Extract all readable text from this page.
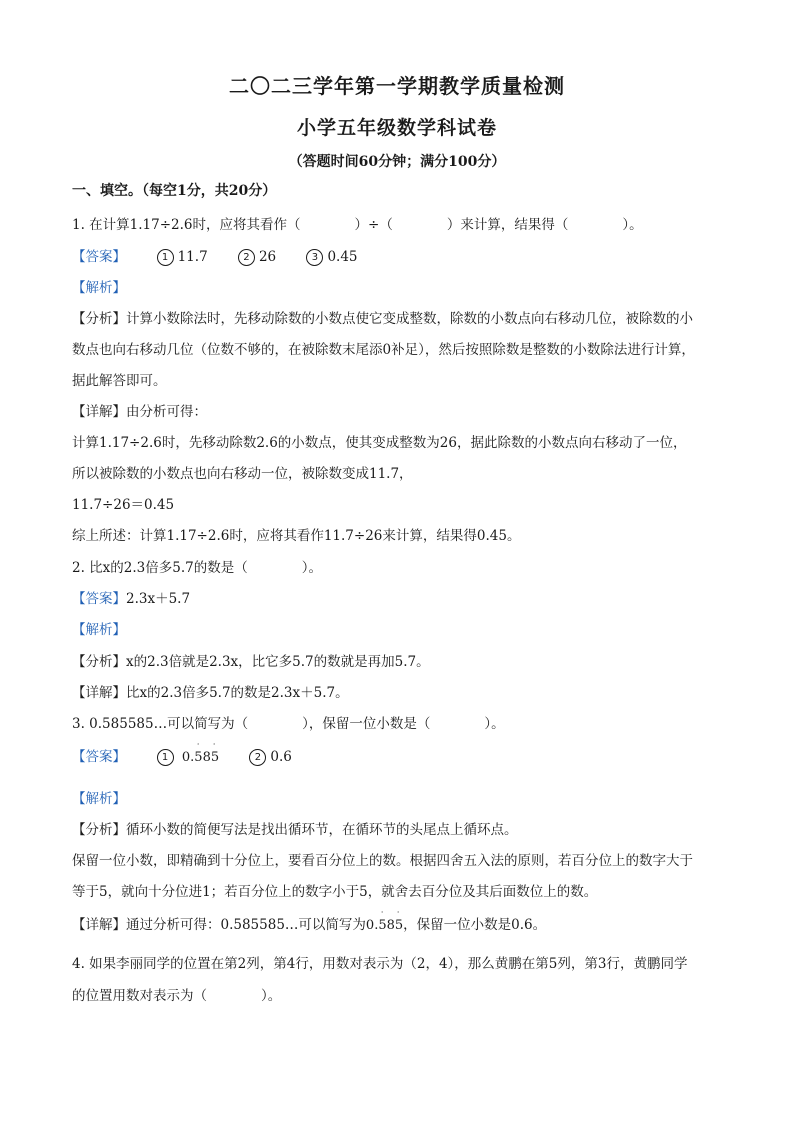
二〇二三学年第一学期教学质量检测
小学五年级数学科试卷
（答题时间60分钟；满分100分）
一、填空。（每空1分，共20分）
1. 在计算1.17÷2.6时，应将其看作（　　　　）÷（　　　　）来计算，结果得（　　　　）。
【答案】	1 11.7	2 26	3 0.45
【解析】
【分析】计算小数除法时，先移动除数的小数点使它变成整数，除数的小数点向右移动几位，被除数的小
数点也向右移动几位（位数不够的，在被除数末尾添0补足），然后按照除数是整数的小数除法进行计算，
据此解答即可。
【详解】由分析可得：
计算1.17÷2.6时，先移动除数2.6的小数点，使其变成整数为26，据此除数的小数点向右移动了一位，
所以被除数的小数点也向右移动一位，被除数变成11.7，
11.7÷26＝0.45
综上所述：计算1.17÷2.6时，应将其看作11.7÷26来计算，结果得0.45。
2. 比x的2.3倍多5.7的数是（　　　　）。
【答案】2.3x＋5.7
【解析】
【分析】x的2.3倍就是2.3x，比它多5.7的数就是再加5.7。
【详解】比x的2.3倍多5.7的数是2.3x＋5.7。
3. 0.585585…可以简写为（　　　　），保留一位小数是（　　　　）。
【答案】	1 0.585
· ·
2 0.6
【解析】
【分析】循环小数的简便写法是找出循环节，在循环节的头尾点上循环点。
保留一位小数，即精确到十分位上，要看百分位上的数。根据四舍五入法的原则，若百分位上的数字大于
等于5，就向十分位进1；若百分位上的数字小于5，就舍去百分位及其后面数位上的数。
【详解】通过分析可得：0.585585…可以简写为0.585
· ·
，保留一位小数是0.6。
4. 如果李丽同学的位置在第2列，第4行，用数对表示为（2，4），那么黄鹏在第5列，第3行，黄鹏同学
的位置用数对表示为（　　　　）。
